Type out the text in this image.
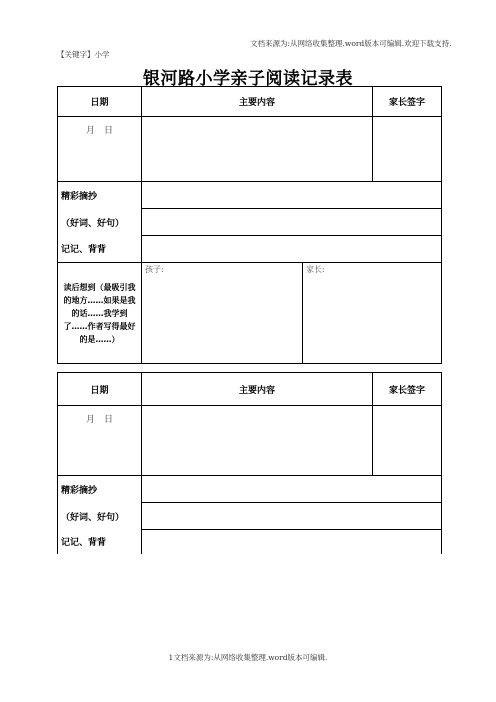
文档来源为:从网络收集整理.word版本可编辑.欢迎下载支持.
【关键字】小学
银河路小学亲子阅读记录表
日期	主要内容	家长签字
月　日		
精彩摘抄		
（好词、好句）		
记记、背背		
读后想到（最吸引我的地方……如果是我的话……我学到了……作者写得最好的是……）	孩子: 家长:	
日期	主要内容	家长签字
月　日		
精彩摘抄		
（好词、好句）		
记记、背背		
1文档来源为:从网络收集整理.word版本可编辑.
